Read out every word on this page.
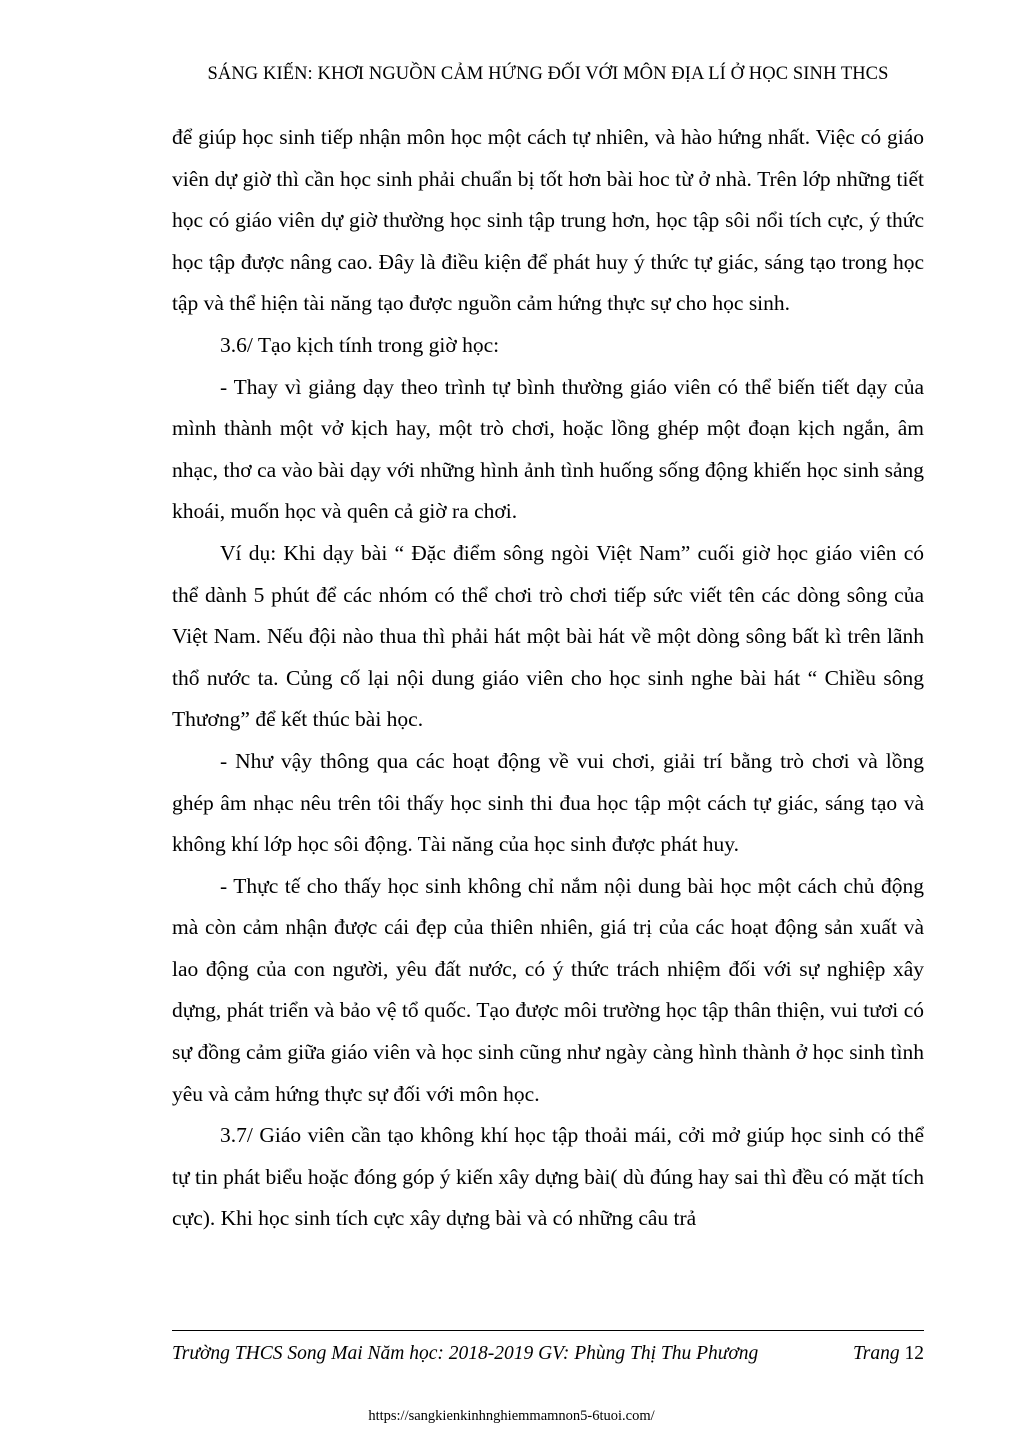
SÁNG KIẾN: KHƠI NGUỒN CẢM HỨNG ĐỐI VỚI MÔN ĐỊA LÍ Ở HỌC SINH THCS

để giúp học sinh tiếp nhận môn học một cách tự nhiên, và hào hứng nhất. Việc có giáo viên dự giờ thì cần học sinh phải chuẩn bị tốt hơn bài hoc từ ở nhà. Trên lớp những tiết học có giáo viên dự giờ thường học sinh tập trung hơn, học tập sôi nổi tích cực, ý thức học tập được nâng cao. Đây là điều kiện để phát huy ý thức tự giác, sáng tạo trong học tập và thể hiện tài năng tạo được nguồn cảm hứng thực sự cho học sinh.

3.6/ Tạo kịch tính trong giờ học:

- Thay vì giảng dạy theo trình tự bình thường giáo viên có thể biến tiết dạy của mình thành một vở kịch hay, một trò chơi, hoặc lồng ghép một đoạn kịch ngắn, âm nhạc, thơ ca vào bài dạy với những hình ảnh tình huống sống động khiến học sinh sảng khoái, muốn học và quên cả giờ ra chơi.

Ví dụ: Khi dạy bài “ Đặc điểm sông ngòi Việt Nam” cuối giờ học giáo viên có thể dành 5 phút để các nhóm có thể chơi trò chơi tiếp sức viết tên các dòng sông của Việt Nam. Nếu đội nào thua thì phải hát một bài hát về một dòng sông bất kì trên lãnh thổ nước ta. Củng cố lại nội dung giáo viên cho học sinh nghe bài hát “ Chiều sông Thương” để kết thúc bài học.

- Như vậy thông qua các hoạt động về vui chơi, giải trí bằng trò chơi và lồng ghép âm nhạc nêu trên tôi thấy học sinh thi đua học tập một cách tự giác, sáng tạo và không khí lớp học sôi động. Tài năng của học sinh được phát huy.

- Thực tế cho thấy học sinh không chỉ nắm nội dung bài học một cách chủ động mà còn cảm nhận được cái đẹp của thiên nhiên, giá trị của các hoạt động sản xuất và lao động của con người, yêu đất nước, có ý thức trách nhiệm đối với sự nghiệp xây dựng, phát triển và bảo vệ tổ quốc. Tạo được môi trường học tập thân thiện, vui tươi có sự đồng cảm giữa giáo viên và học sinh cũng như ngày càng hình thành ở học sinh tình yêu và cảm hứng thực sự đối với môn học.

3.7/ Giáo viên cần tạo không khí học tập thoải mái, cởi mở giúp học sinh có thể tự tin phát biểu hoặc đóng góp ý kiến xây dựng bài( dù đúng hay sai thì đều có mặt tích cực). Khi học sinh tích cực xây dựng bài và có những câu trả

Trường THCS Song Mai Năm học: 2018-2019 GV: Phùng Thị Thu Phương	Trang 12
https://sangkienkinhnghiemmamnon5-6tuoi.com/
